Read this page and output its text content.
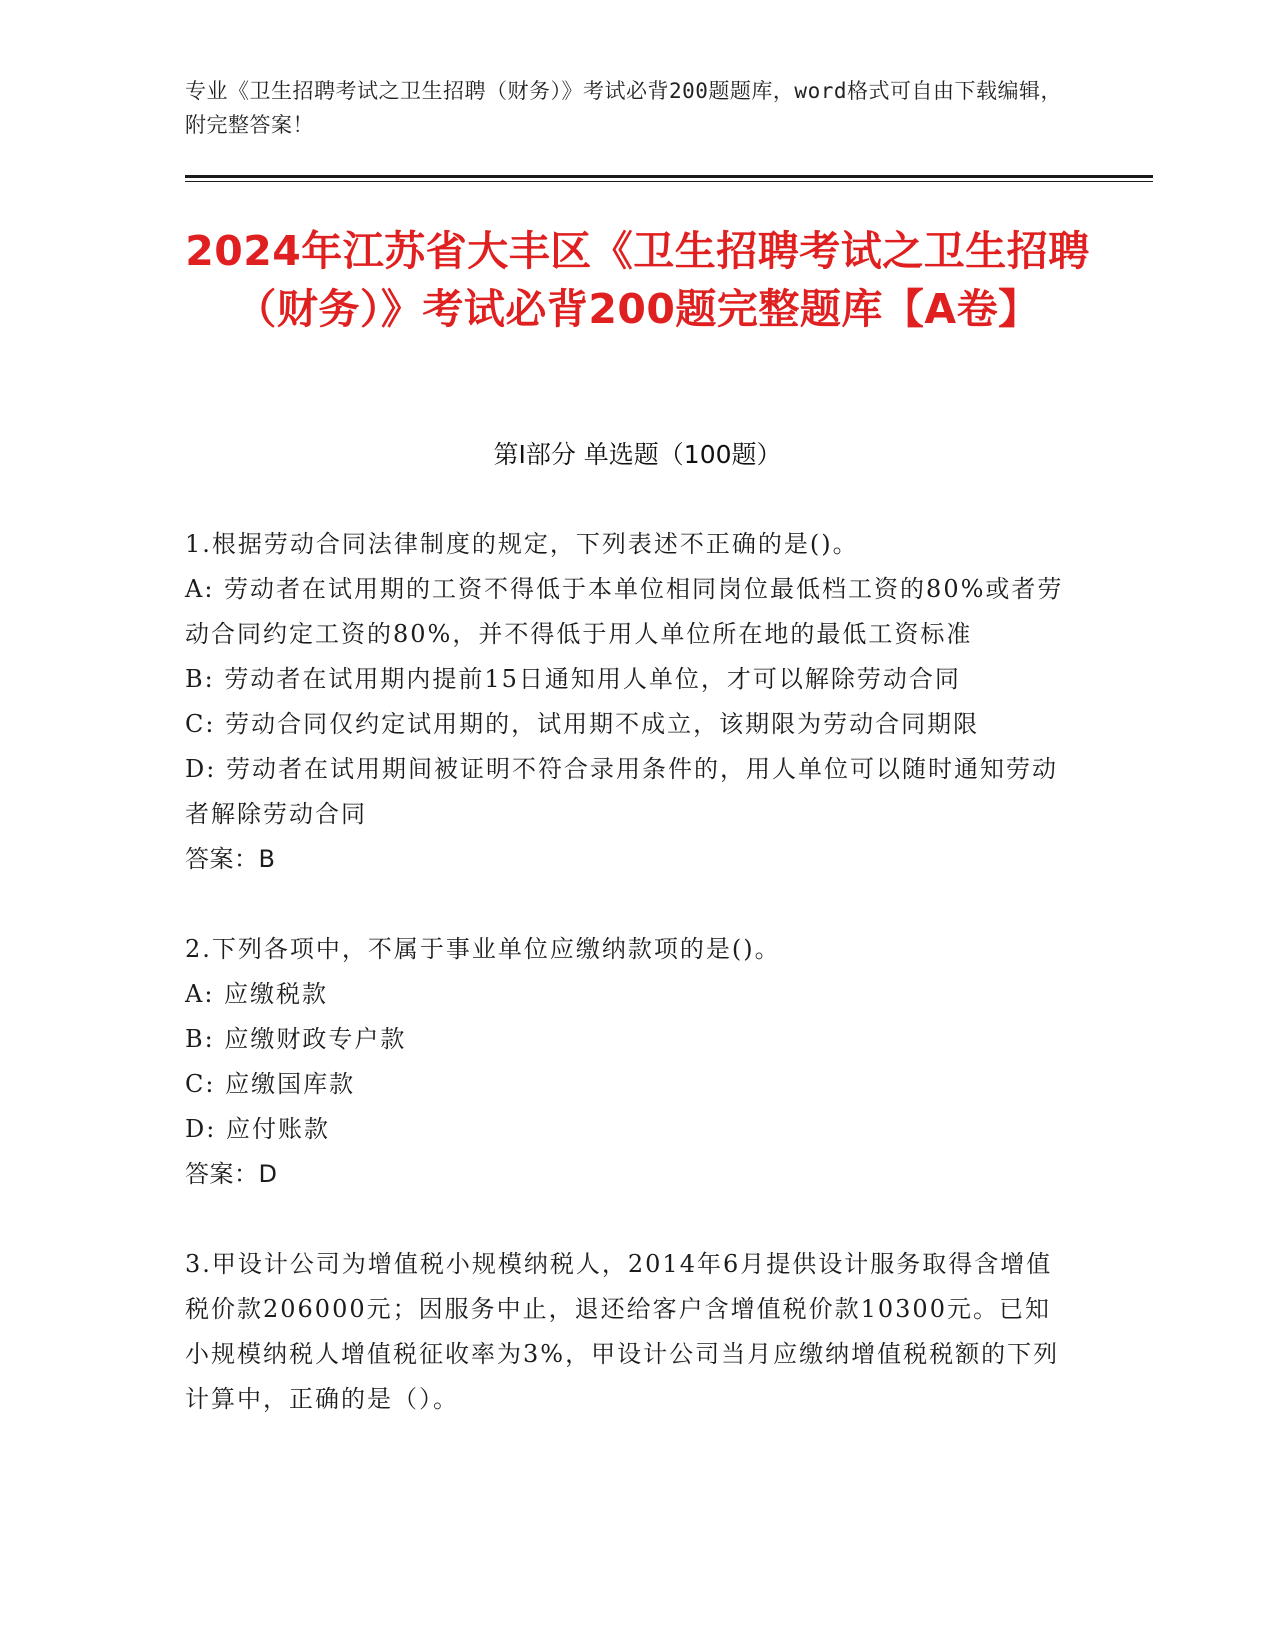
专业《卫生招聘考试之卫生招聘（财务）》考试必背200题题库，word格式可自由下载编辑，附完整答案！
2024年江苏省大丰区《卫生招聘考试之卫生招聘（财务）》考试必背200题完整题库【A卷】
第I部分 单选题（100题）

1.根据劳动合同法律制度的规定，下列表述不正确的是()。

A: 劳动者在试用期的工资不得低于本单位相同岗位最低档工资的80%或者劳动合同约定工资的80%，并不得低于用人单位所在地的最低工资标准

B: 劳动者在试用期内提前15日通知用人单位，才可以解除劳动合同

C: 劳动合同仅约定试用期的，试用期不成立，该期限为劳动合同期限

D: 劳动者在试用期间被证明不符合录用条件的，用人单位可以随时通知劳动者解除劳动合同

答案：B

2.下列各项中，不属于事业单位应缴纳款项的是()。

A: 应缴税款

B: 应缴财政专户款

C: 应缴国库款

D: 应付账款

答案：D

3.甲设计公司为增值税小规模纳税人，2014年6月提供设计服务取得含增值税价款206000元；因服务中止，退还给客户含增值税价款10300元。已知小规模纳税人增值税征收率为3%，甲设计公司当月应缴纳增值税税额的下列计算中，正确的是（）。
